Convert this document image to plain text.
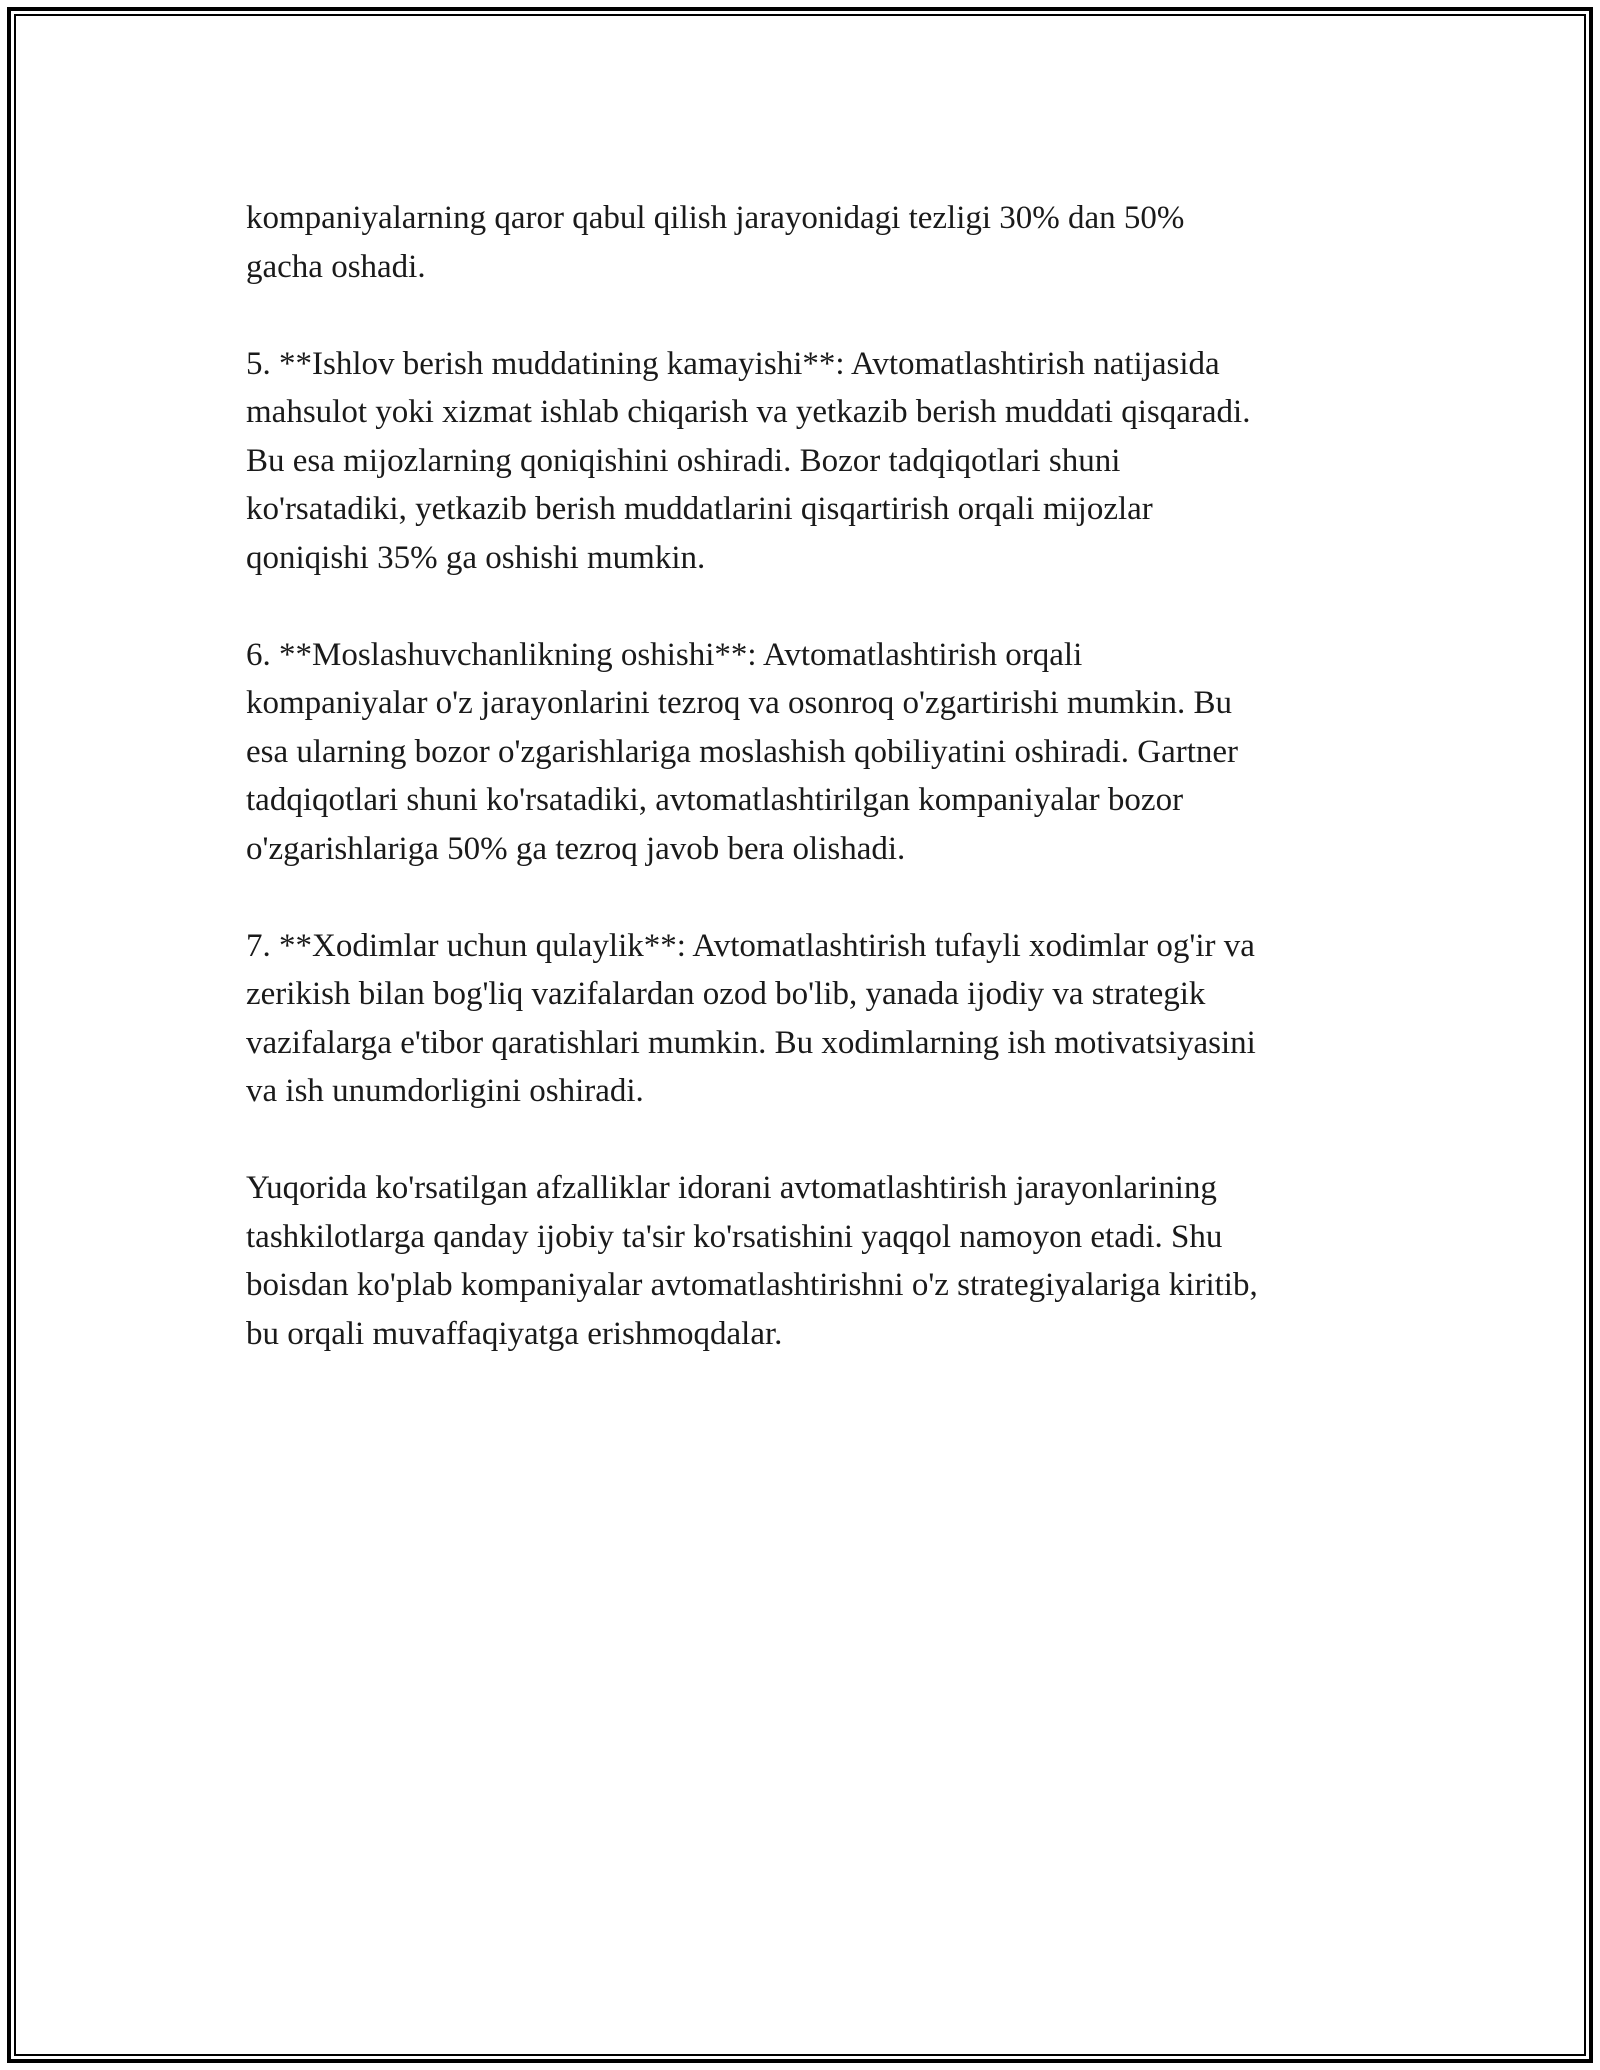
kompaniyalarning qaror qabul qilish jarayonidagi tezligi 30% dan 50%
gacha oshadi.

5. **Ishlov berish muddatining kamayishi**: Avtomatlashtirish natijasida
mahsulot yoki xizmat ishlab chiqarish va yetkazib berish muddati qisqaradi.
Bu esa mijozlarning qoniqishini oshiradi. Bozor tadqiqotlari shuni
ko'rsatadiki, yetkazib berish muddatlarini qisqartirish orqali mijozlar
qoniqishi 35% ga oshishi mumkin.

6. **Moslashuvchanlikning oshishi**: Avtomatlashtirish orqali
kompaniyalar o'z jarayonlarini tezroq va osonroq o'zgartirishi mumkin. Bu
esa ularning bozor o'zgarishlariga moslashish qobiliyatini oshiradi. Gartner
tadqiqotlari shuni ko'rsatadiki, avtomatlashtirilgan kompaniyalar bozor
o'zgarishlariga 50% ga tezroq javob bera olishadi.

7. **Xodimlar uchun qulaylik**: Avtomatlashtirish tufayli xodimlar og'ir va
zerikish bilan bog'liq vazifalardan ozod bo'lib, yanada ijodiy va strategik
vazifalarga e'tibor qaratishlari mumkin. Bu xodimlarning ish motivatsiyasini
va ish unumdorligini oshiradi.

Yuqorida ko'rsatilgan afzalliklar idorani avtomatlashtirish jarayonlarining
tashkilotlarga qanday ijobiy ta'sir ko'rsatishini yaqqol namoyon etadi. Shu
boisdan ko'plab kompaniyalar avtomatlashtirishni o'z strategiyalariga kiritib,
bu orqali muvaffaqiyatga erishmoqdalar.
